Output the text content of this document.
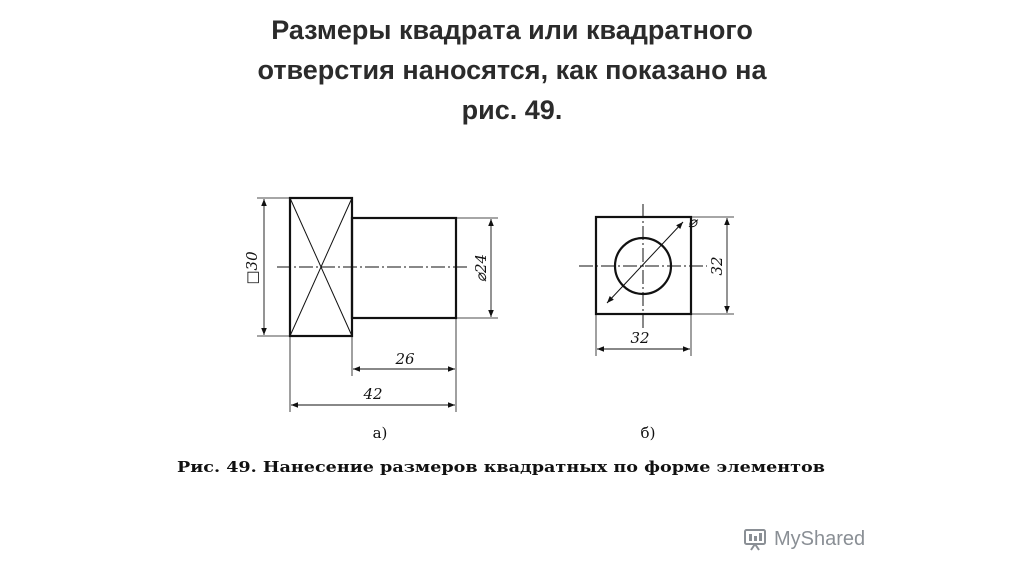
Размеры квадрата или квадратного
отверстия наносятся, как показано на
рис. 49.
□30	⌀24
26
42
а)
⌀
32
32
б)
Рис. 49. Нанесение размеров квадратных по форме элементов
MyShared
